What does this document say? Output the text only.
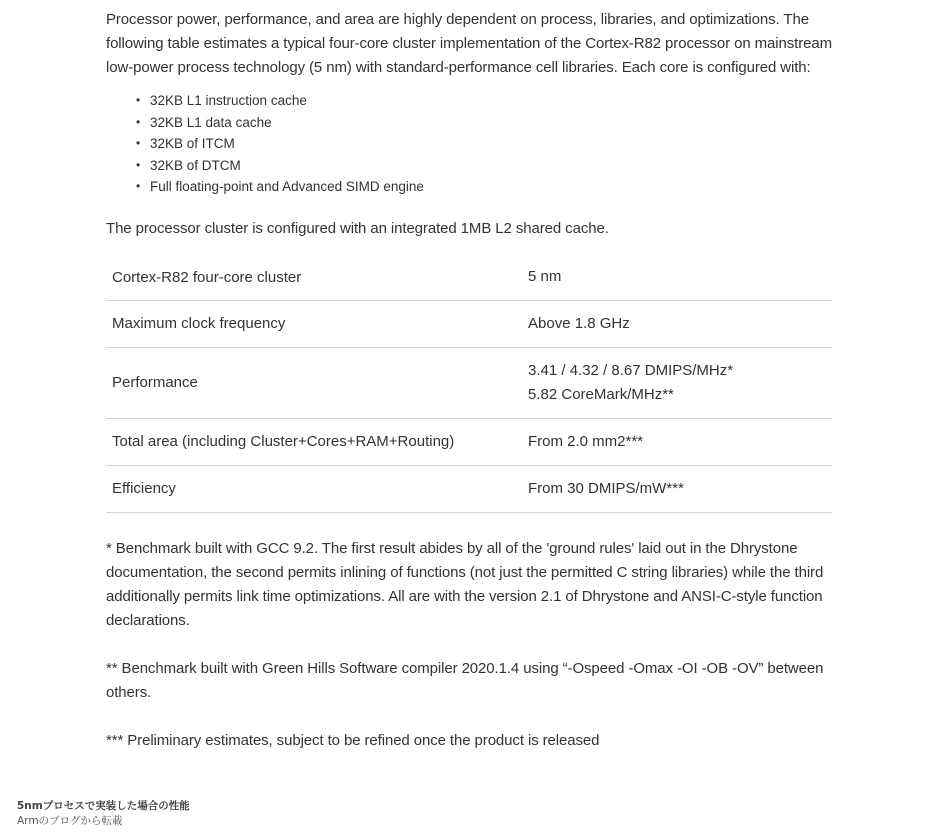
Processor power, performance, and area are highly dependent on process, libraries, and optimizations. The following table estimates a typical four-core cluster implementation of the Cortex-R82 processor on mainstream low-power process technology (5 nm) with standard-performance cell libraries. Each core is configured with:

• 32KB L1 instruction cache
• 32KB L1 data cache
• 32KB of ITCM
• 32KB of DTCM
• Full floating-point and Advanced SIMD engine

The processor cluster is configured with an integrated 1MB L2 shared cache.

Cortex-R82 four-core cluster	5 nm

Maximum clock frequency	Above 1.8 GHz

Performance	3.41 / 4.32 / 8.67 DMIPS/MHz*
5.82 CoreMark/MHz**

Total area (including Cluster+Cores+RAM+Routing)	From 2.0 mm2***

Efficiency	From 30 DMIPS/mW***

* Benchmark built with GCC 9.2. The first result abides by all of the 'ground rules' laid out in the Dhrystone documentation, the second permits inlining of functions (not just the permitted C string libraries) while the third additionally permits link time optimizations. All are with the version 2.1 of Dhrystone and ANSI-C-style function declarations.

** Benchmark built with Green Hills Software compiler 2020.1.4 using “-Ospeed -Omax -OI -OB -OV” between others.

*** Preliminary estimates, subject to be refined once the product is released

5nmプロセスで実装した場合の性能
Armのブログから転載
